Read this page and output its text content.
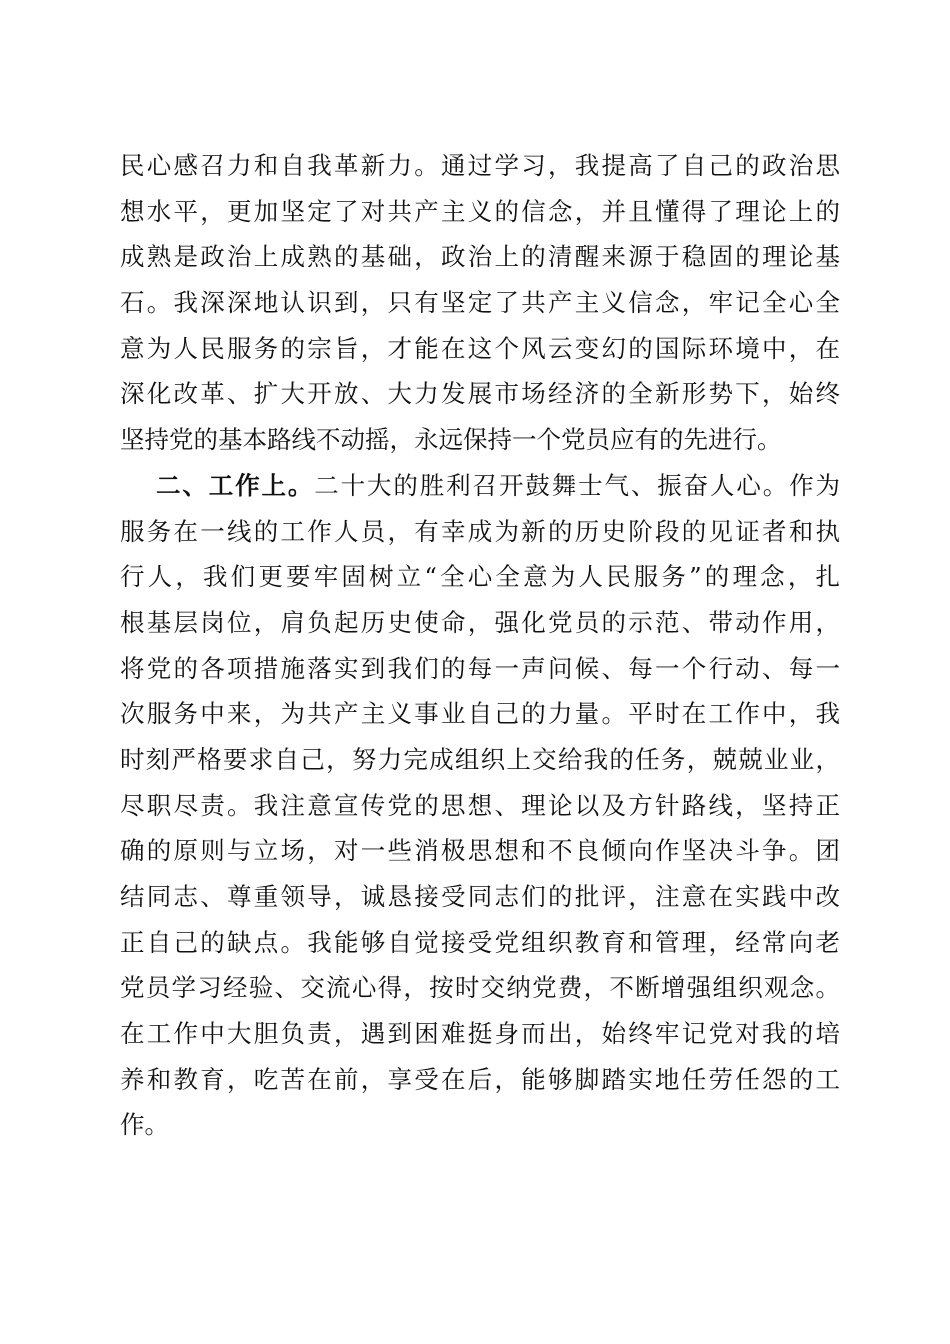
民心感召力和自我革新力。通过学习，我提高了自己的政治思
想水平，更加坚定了对共产主义的信念，并且懂得了理论上的
成熟是政治上成熟的基础，政治上的清醒来源于稳固的理论基
石。我深深地认识到，只有坚定了共产主义信念，牢记全心全
意为人民服务的宗旨，才能在这个风云变幻的国际环境中，在
深化改革、扩大开放、大力发展市场经济的全新形势下，始终
坚持党的基本路线不动摇，永远保持一个党员应有的先进行。
二、工作上。二十大的胜利召开鼓舞士气、振奋人心。作为
服务在一线的工作人员，有幸成为新的历史阶段的见证者和执
行人，我们更要牢固树立“全心全意为人民服务”的理念，扎
根基层岗位，肩负起历史使命，强化党员的示范、带动作用，
将党的各项措施落实到我们的每一声问候、每一个行动、每一
次服务中来，为共产主义事业自己的力量。平时在工作中，我
时刻严格要求自己，努力完成组织上交给我的任务，兢兢业业，
尽职尽责。我注意宣传党的思想、理论以及方针路线，坚持正
确的原则与立场，对一些消极思想和不良倾向作坚决斗争。团
结同志、尊重领导，诚恳接受同志们的批评，注意在实践中改
正自己的缺点。我能够自觉接受党组织教育和管理，经常向老
党员学习经验、交流心得，按时交纳党费，不断增强组织观念。
在工作中大胆负责，遇到困难挺身而出，始终牢记党对我的培
养和教育，吃苦在前，享受在后，能够脚踏实地任劳任怨的工
作。
